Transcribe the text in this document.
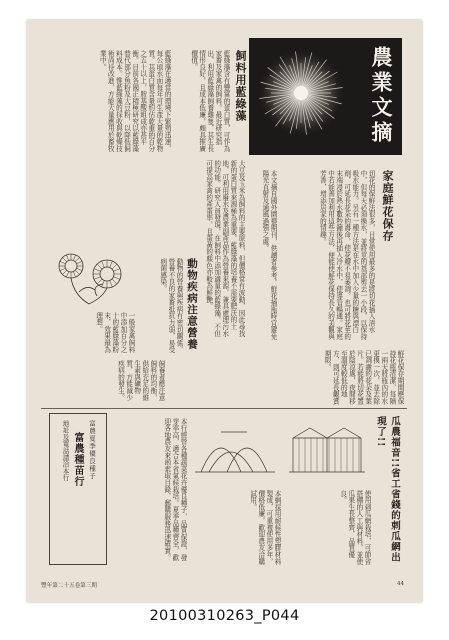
農業文摘
家庭鮮花保存
切花的保鮮法很多，日常使用最多的是將切花插入清水中，但每天必須換水，並將莖的基部剪去一小段，以保持吸水能力。另有一種方法是在水中加入少量的糖與漂白劑，可延長花朵的壽命，使花瓣不易萎凋。也可將花莖的末端浸於熱水數秒鐘後再插入冷水中，使導管暢通。家庭中若能善加利用這些方法，便能使鮮花保持長久的美觀與芳香，增添居家的情趣。
本文摘自國外園藝期刊，供讀者參考。鮮花插瓶時宜避免陽光直射及通風過強之處。
飼料用藍綠藻
藍綠藻含有豐富的蛋白質，可作為家畜及家禽的飼料。最近研究指出，利用藍綠藻飼養雞隻，其生長情形良好，且成本低廉，頗具推廣價值。
藍綠藻在適當的環境下繁殖迅速，每公頃水面每年可生產大量的乾物質。其蛋白質含量約佔乾重的百分之五十以上，胺基酸組成亦甚平衡。目前各國正積極研究以藍綠藻替代部分魚粉及大豆粉，以降低飼料成本。惟藍綠藻的採收與乾燥技術尚待改進，方能大量應用於畜牧業中。
大豆及玉米為飼料的主要原料，但價格常有波動，因此尋找新的蛋白質來源極為重要。藍綠藻的培養不需要肥沃的土地，可利用廢水及農業副產品作為營養來源，兼具處理污水的功能。研究人員發現，在飼料中添加適量的藍綠藻，不但可提高家禽的產蛋率，且蛋黃的顏色亦較為鮮艷。
一般家禽飼料中添加百分之十的藍綠藻粉末，效果最為理想。	動物疾病注意營養
動物的營養與疾病有密切關係，營養不良的家畜抵抗力弱，易受病菌感染。
飼養者應注意飼料的均衡，供給充足的維生素與礦物質，方能減少疾病的發生。	鮮花保存期間應保持花瓶清潔，每隔一兩天將瓶內的水更換一次，並去除已凋謝的花朵及葉片。若能將切花置於陰涼處，夜間移至溫度較低的地方，則可延長觀賞期限。
瓜農福音!!省工省錢的刺瓜網出現了!!
使用刺瓜網栽培，可節省搭棚的人工與材料，並使瓜果生長整齊，品質優良。
本網採用耐候性塑膠材料製成，可重複使用多年，價格低廉，歡迎農友洽購試用。
本行經營各種蔬菜花卉優良種子，品質保證，發芽率高，適合本省氣候栽培。夏季品種齊全，歡迎各地農友來函索取目錄，郵購服務迅速確實。
富農種苗行 富農夏季優良種子
地址及電話請洽本行
豐年第二十五卷第三期	44
20100310263_P044
